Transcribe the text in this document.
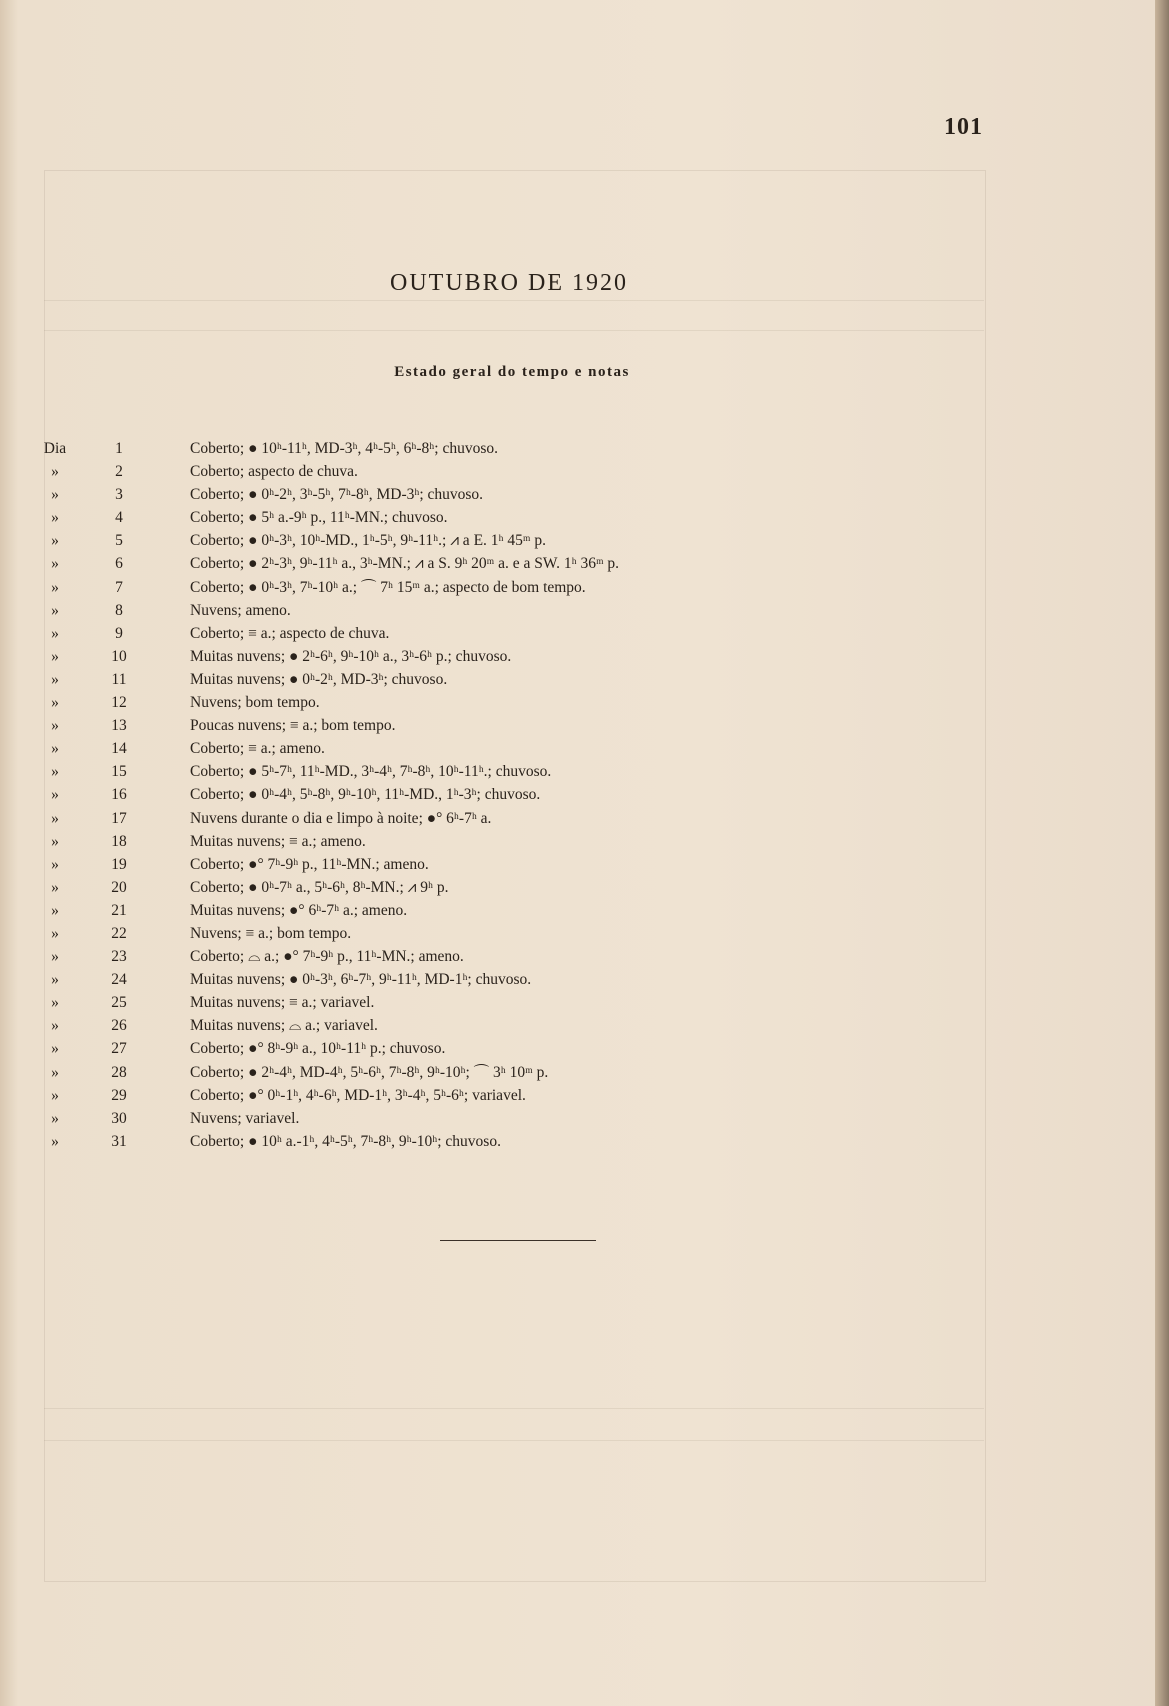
101
OUTUBRO DE 1920
Estado geral do tempo e notas
Dia	1	Coberto; ● 10ʰ-11ʰ, MD-3ʰ, 4ʰ-5ʰ, 6ʰ-8ʰ; chuvoso.
»	2	Coberto; aspecto de chuva.
»	3	Coberto; ● 0ʰ-2ʰ, 3ʰ-5ʰ, 7ʰ-8ʰ, MD-3ʰ; chuvoso.
»	4	Coberto; ● 5ʰ a.-9ʰ p., 11ʰ-MN.; chuvoso.
»	5	Coberto; ● 0ʰ-3ʰ, 10ʰ-MD., 1ʰ-5ʰ, 9ʰ-11ʰ.; ⩘ a E. 1ʰ 45ᵐ p.
»	6	Coberto; ● 2ʰ-3ʰ, 9ʰ-11ʰ a., 3ʰ-MN.; ⩘ a S. 9ʰ 20ᵐ a. e a SW. 1ʰ 36ᵐ p.
»	7	Coberto; ● 0ʰ-3ʰ, 7ʰ-10ʰ a.; ⌒ 7ʰ 15ᵐ a.; aspecto de bom tempo.
»	8	Nuvens; ameno.
»	9	Coberto; ≡ a.; aspecto de chuva.
»	10	Muitas nuvens; ● 2ʰ-6ʰ, 9ʰ-10ʰ a., 3ʰ-6ʰ p.; chuvoso.
»	11	Muitas nuvens; ● 0ʰ-2ʰ, MD-3ʰ; chuvoso.
»	12	Nuvens; bom tempo.
»	13	Poucas nuvens; ≡ a.; bom tempo.
»	14	Coberto; ≡ a.; ameno.
»	15	Coberto; ● 5ʰ-7ʰ, 11ʰ-MD., 3ʰ-4ʰ, 7ʰ-8ʰ, 10ʰ-11ʰ.; chuvoso.
»	16	Coberto; ● 0ʰ-4ʰ, 5ʰ-8ʰ, 9ʰ-10ʰ, 11ʰ-MD., 1ʰ-3ʰ; chuvoso.
»	17	Nuvens durante o dia e limpo à noite; ●° 6ʰ-7ʰ a.
»	18	Muitas nuvens; ≡ a.; ameno.
»	19	Coberto; ●° 7ʰ-9ʰ p., 11ʰ-MN.; ameno.
»	20	Coberto; ● 0ʰ-7ʰ a., 5ʰ-6ʰ, 8ʰ-MN.; ⩘ 9ʰ p.
»	21	Muitas nuvens; ●° 6ʰ-7ʰ a.; ameno.
»	22	Nuvens; ≡ a.; bom tempo.
»	23	Coberto; ⌓ a.; ●° 7ʰ-9ʰ p., 11ʰ-MN.; ameno.
»	24	Muitas nuvens; ● 0ʰ-3ʰ, 6ʰ-7ʰ, 9ʰ-11ʰ, MD-1ʰ; chuvoso.
»	25	Muitas nuvens; ≡ a.; variavel.
»	26	Muitas nuvens; ⌓ a.; variavel.
»	27	Coberto; ●° 8ʰ-9ʰ a., 10ʰ-11ʰ p.; chuvoso.
»	28	Coberto; ● 2ʰ-4ʰ, MD-4ʰ, 5ʰ-6ʰ, 7ʰ-8ʰ, 9ʰ-10ʰ; ⌒ 3ʰ 10ᵐ p.
»	29	Coberto; ●° 0ʰ-1ʰ, 4ʰ-6ʰ, MD-1ʰ, 3ʰ-4ʰ, 5ʰ-6ʰ; variavel.
»	30	Nuvens; variavel.
»	31	Coberto; ● 10ʰ a.-1ʰ, 4ʰ-5ʰ, 7ʰ-8ʰ, 9ʰ-10ʰ; chuvoso.
